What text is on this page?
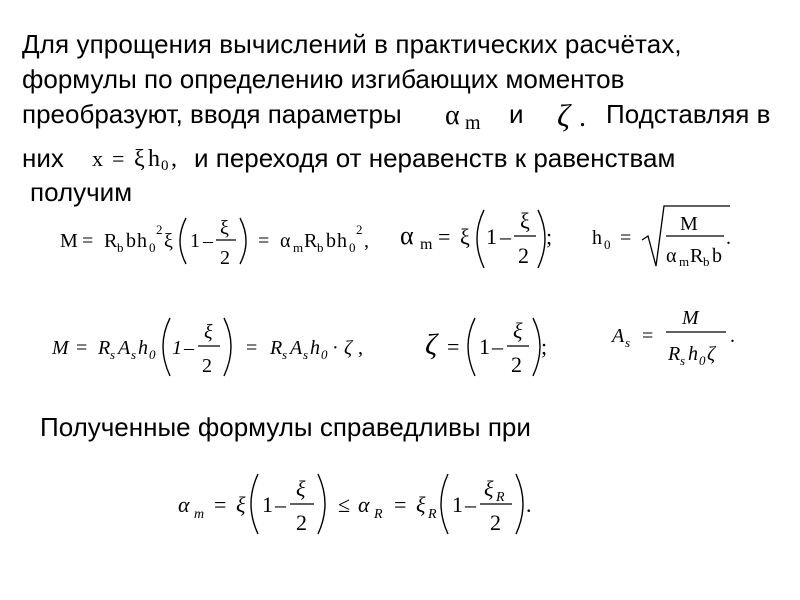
Для упрощения вычислений в практических расчётах,
формулы по определению изгибающих моментов
преобразуют, вводя параметры α m и ζ . Подставляя в
них x = ξ h 0 , и переходя от неравенств к равенствам
получим
M = R b b h 0
2
ξ 1 –
ξ
2
= α m R b b h 0
2
, α m = ξ 1 –
ξ
2
; h 0 =
M
α m R b b
.
M = R s A s h 0 1 –
ξ
2
= R s A s h 0 · ζ , ζ = 1 –
ξ
2
;	A s =
M
R s h 0 ζ
.
Полученные формулы справедливы при
α m = ξ 1 –
ξ
2
≤ α R = ξ R 1 –
ξ R
2
.
